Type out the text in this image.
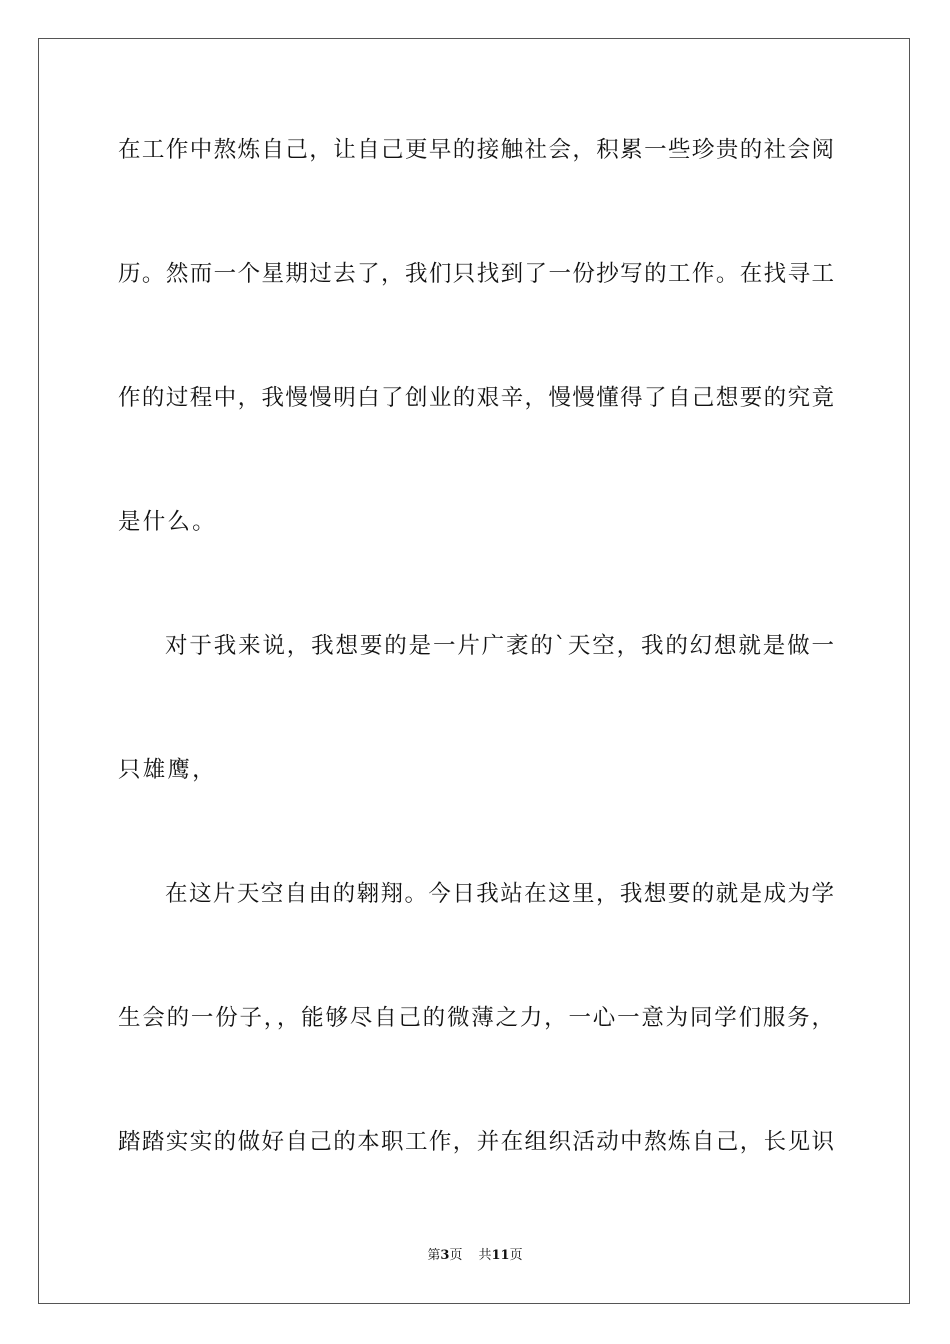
在工作中熬炼自己，让自己更早的接触社会，积累一些珍贵的社会阅
历。然而一个星期过去了，我们只找到了一份抄写的工作。在找寻工
作的过程中，我慢慢明白了创业的艰辛，慢慢懂得了自己想要的究竟
是什么。
对于我来说，我想要的是一片广袤的`天空，我的幻想就是做一
只雄鹰，
在这片天空自由的翱翔。今日我站在这里，我想要的就是成为学
生会的一份子，，能够尽自己的微薄之力，一心一意为同学们服务，
踏踏实实的做好自己的本职工作，并在组织活动中熬炼自己，长见识
第3页 共11页
